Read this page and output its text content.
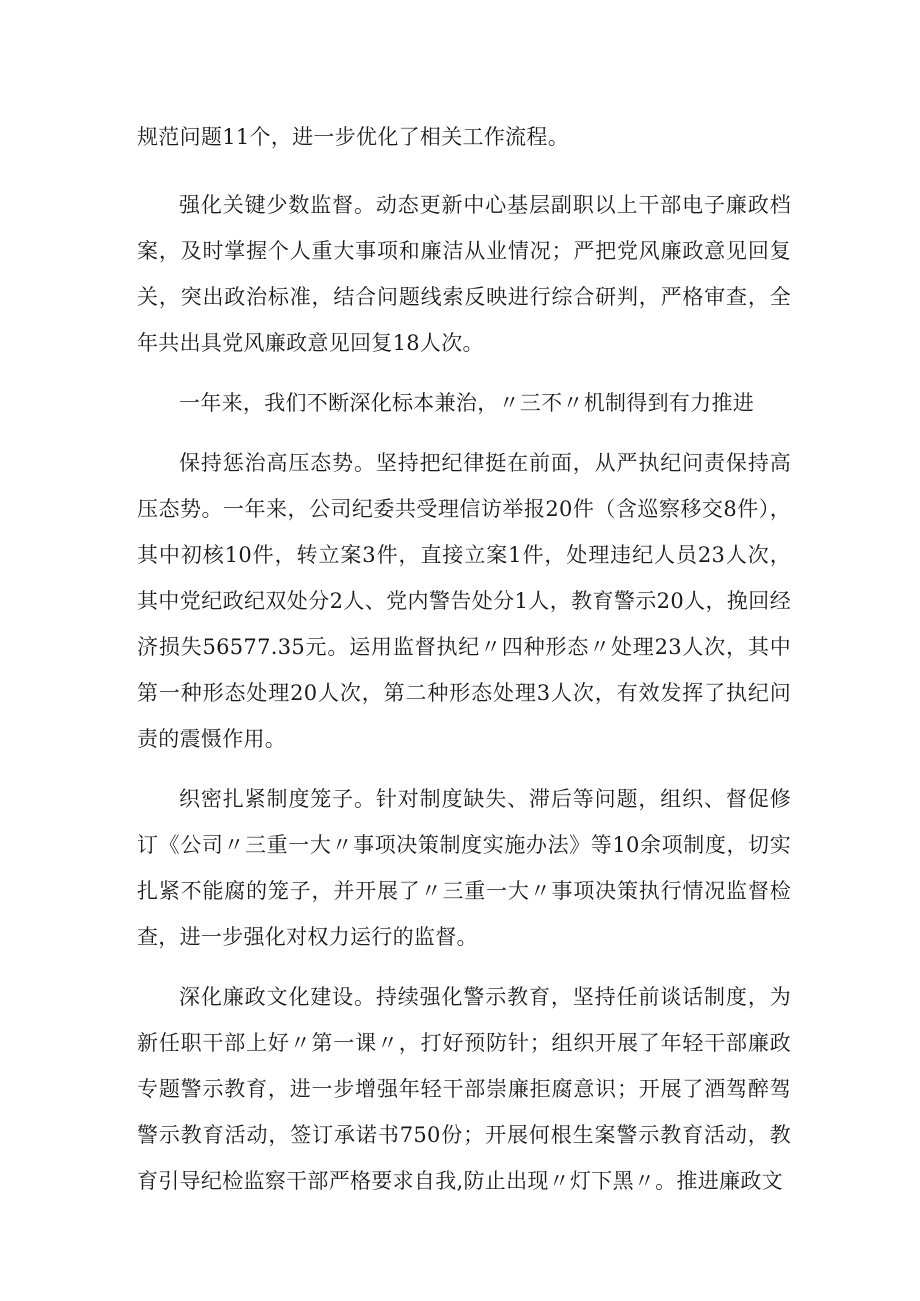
规范问题11个，进一步优化了相关工作流程。

强化关键少数监督。动态更新中心基层副职以上干部电子廉政档案，及时掌握个人重大事项和廉洁从业情况；严把党风廉政意见回复关，突出政治标准，结合问题线索反映进行综合研判，严格审查，全年共出具党风廉政意见回复18人次。

一年来，我们不断深化标本兼治，〃三不〃机制得到有力推进

保持惩治高压态势。坚持把纪律挺在前面，从严执纪问责保持高压态势。一年来，公司纪委共受理信访举报20件（含巡察移交8件），其中初核10件，转立案3件，直接立案1件，处理违纪人员23人次，其中党纪政纪双处分2人、党内警告处分1人，教育警示20人，挽回经济损失56577.35元。运用监督执纪〃四种形态〃处理23人次，其中第一种形态处理20人次，第二种形态处理3人次，有效发挥了执纪问责的震慑作用。

织密扎紧制度笼子。针对制度缺失、滞后等问题，组织、督促修订《公司〃三重一大〃事项决策制度实施办法》等10余项制度，切实扎紧不能腐的笼子，并开展了〃三重一大〃事项决策执行情况监督检查，进一步强化对权力运行的监督。

深化廉政文化建设。持续强化警示教育，坚持任前谈话制度，为新任职干部上好〃第一课〃，打好预防针；组织开展了年轻干部廉政专题警示教育，进一步增强年轻干部崇廉拒腐意识；开展了酒驾醉驾警示教育活动，签订承诺书750份；开展何根生案警示教育活动，教育引导纪检监察干部严格要求自我,防止出现〃灯下黑〃。推进廉政文
